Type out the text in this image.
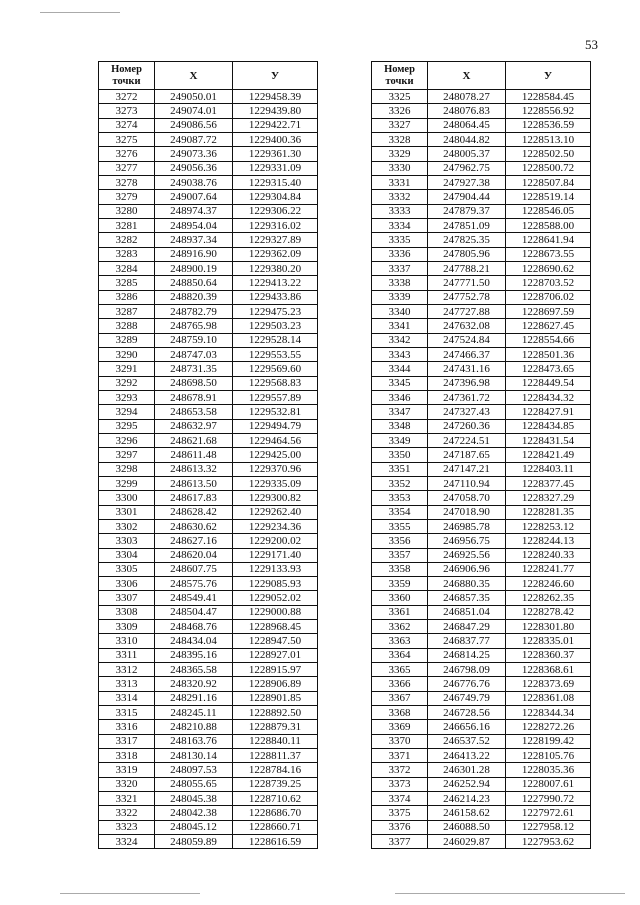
53
Номер
точки	X	У
3272	249050.01	1229458.39
3273	249074.01	1229439.80
3274	249086.56	1229422.71
3275	249087.72	1229400.36
3276	249073.36	1229361.30
3277	249056.36	1229331.09
3278	249038.76	1229315.40
3279	249007.64	1229304.84
3280	248974.37	1229306.22
3281	248954.04	1229316.02
3282	248937.34	1229327.89
3283	248916.90	1229362.09
3284	248900.19	1229380.20
3285	248850.64	1229413.22
3286	248820.39	1229433.86
3287	248782.79	1229475.23
3288	248765.98	1229503.23
3289	248759.10	1229528.14
3290	248747.03	1229553.55
3291	248731.35	1229569.60
3292	248698.50	1229568.83
3293	248678.91	1229557.89
3294	248653.58	1229532.81
3295	248632.97	1229494.79
3296	248621.68	1229464.56
3297	248611.48	1229425.00
3298	248613.32	1229370.96
3299	248613.50	1229335.09
3300	248617.83	1229300.82
3301	248628.42	1229262.40
3302	248630.62	1229234.36
3303	248627.16	1229200.02
3304	248620.04	1229171.40
3305	248607.75	1229133.93
3306	248575.76	1229085.93
3307	248549.41	1229052.02
3308	248504.47	1229000.88
3309	248468.76	1228968.45
3310	248434.04	1228947.50
3311	248395.16	1228927.01
3312	248365.58	1228915.97
3313	248320.92	1228906.89
3314	248291.16	1228901.85
3315	248245.11	1228892.50
3316	248210.88	1228879.31
3317	248163.76	1228840.11
3318	248130.14	1228811.37
3319	248097.53	1228784.16
3320	248055.65	1228739.25
3321	248045.38	1228710.62
3322	248042.38	1228686.70
3323	248045.12	1228660.71
3324	248059.89	1228616.59
Номер
точки	X	У
3325	248078.27	1228584.45
3326	248076.83	1228556.92
3327	248064.45	1228536.59
3328	248044.82	1228513.10
3329	248005.37	1228502.50
3330	247962.75	1228500.72
3331	247927.38	1228507.84
3332	247904.44	1228519.14
3333	247879.37	1228546.05
3334	247851.09	1228588.00
3335	247825.35	1228641.94
3336	247805.96	1228673.55
3337	247788.21	1228690.62
3338	247771.50	1228703.52
3339	247752.78	1228706.02
3340	247727.88	1228697.59
3341	247632.08	1228627.45
3342	247524.84	1228554.66
3343	247466.37	1228501.36
3344	247431.16	1228473.65
3345	247396.98	1228449.54
3346	247361.72	1228434.32
3347	247327.43	1228427.91
3348	247260.36	1228434.85
3349	247224.51	1228431.54
3350	247187.65	1228421.49
3351	247147.21	1228403.11
3352	247110.94	1228377.45
3353	247058.70	1228327.29
3354	247018.90	1228281.35
3355	246985.78	1228253.12
3356	246956.75	1228244.13
3357	246925.56	1228240.33
3358	246906.96	1228241.77
3359	246880.35	1228246.60
3360	246857.35	1228262.35
3361	246851.04	1228278.42
3362	246847.29	1228301.80
3363	246837.77	1228335.01
3364	246814.25	1228360.37
3365	246798.09	1228368.61
3366	246776.76	1228373.69
3367	246749.79	1228361.08
3368	246728.56	1228344.34
3369	246656.16	1228272.26
3370	246537.52	1228199.42
3371	246413.22	1228105.76
3372	246301.28	1228035.36
3373	246252.94	1228007.61
3374	246214.23	1227990.72
3375	246158.62	1227972.61
3376	246088.50	1227958.12
3377	246029.87	1227953.62
